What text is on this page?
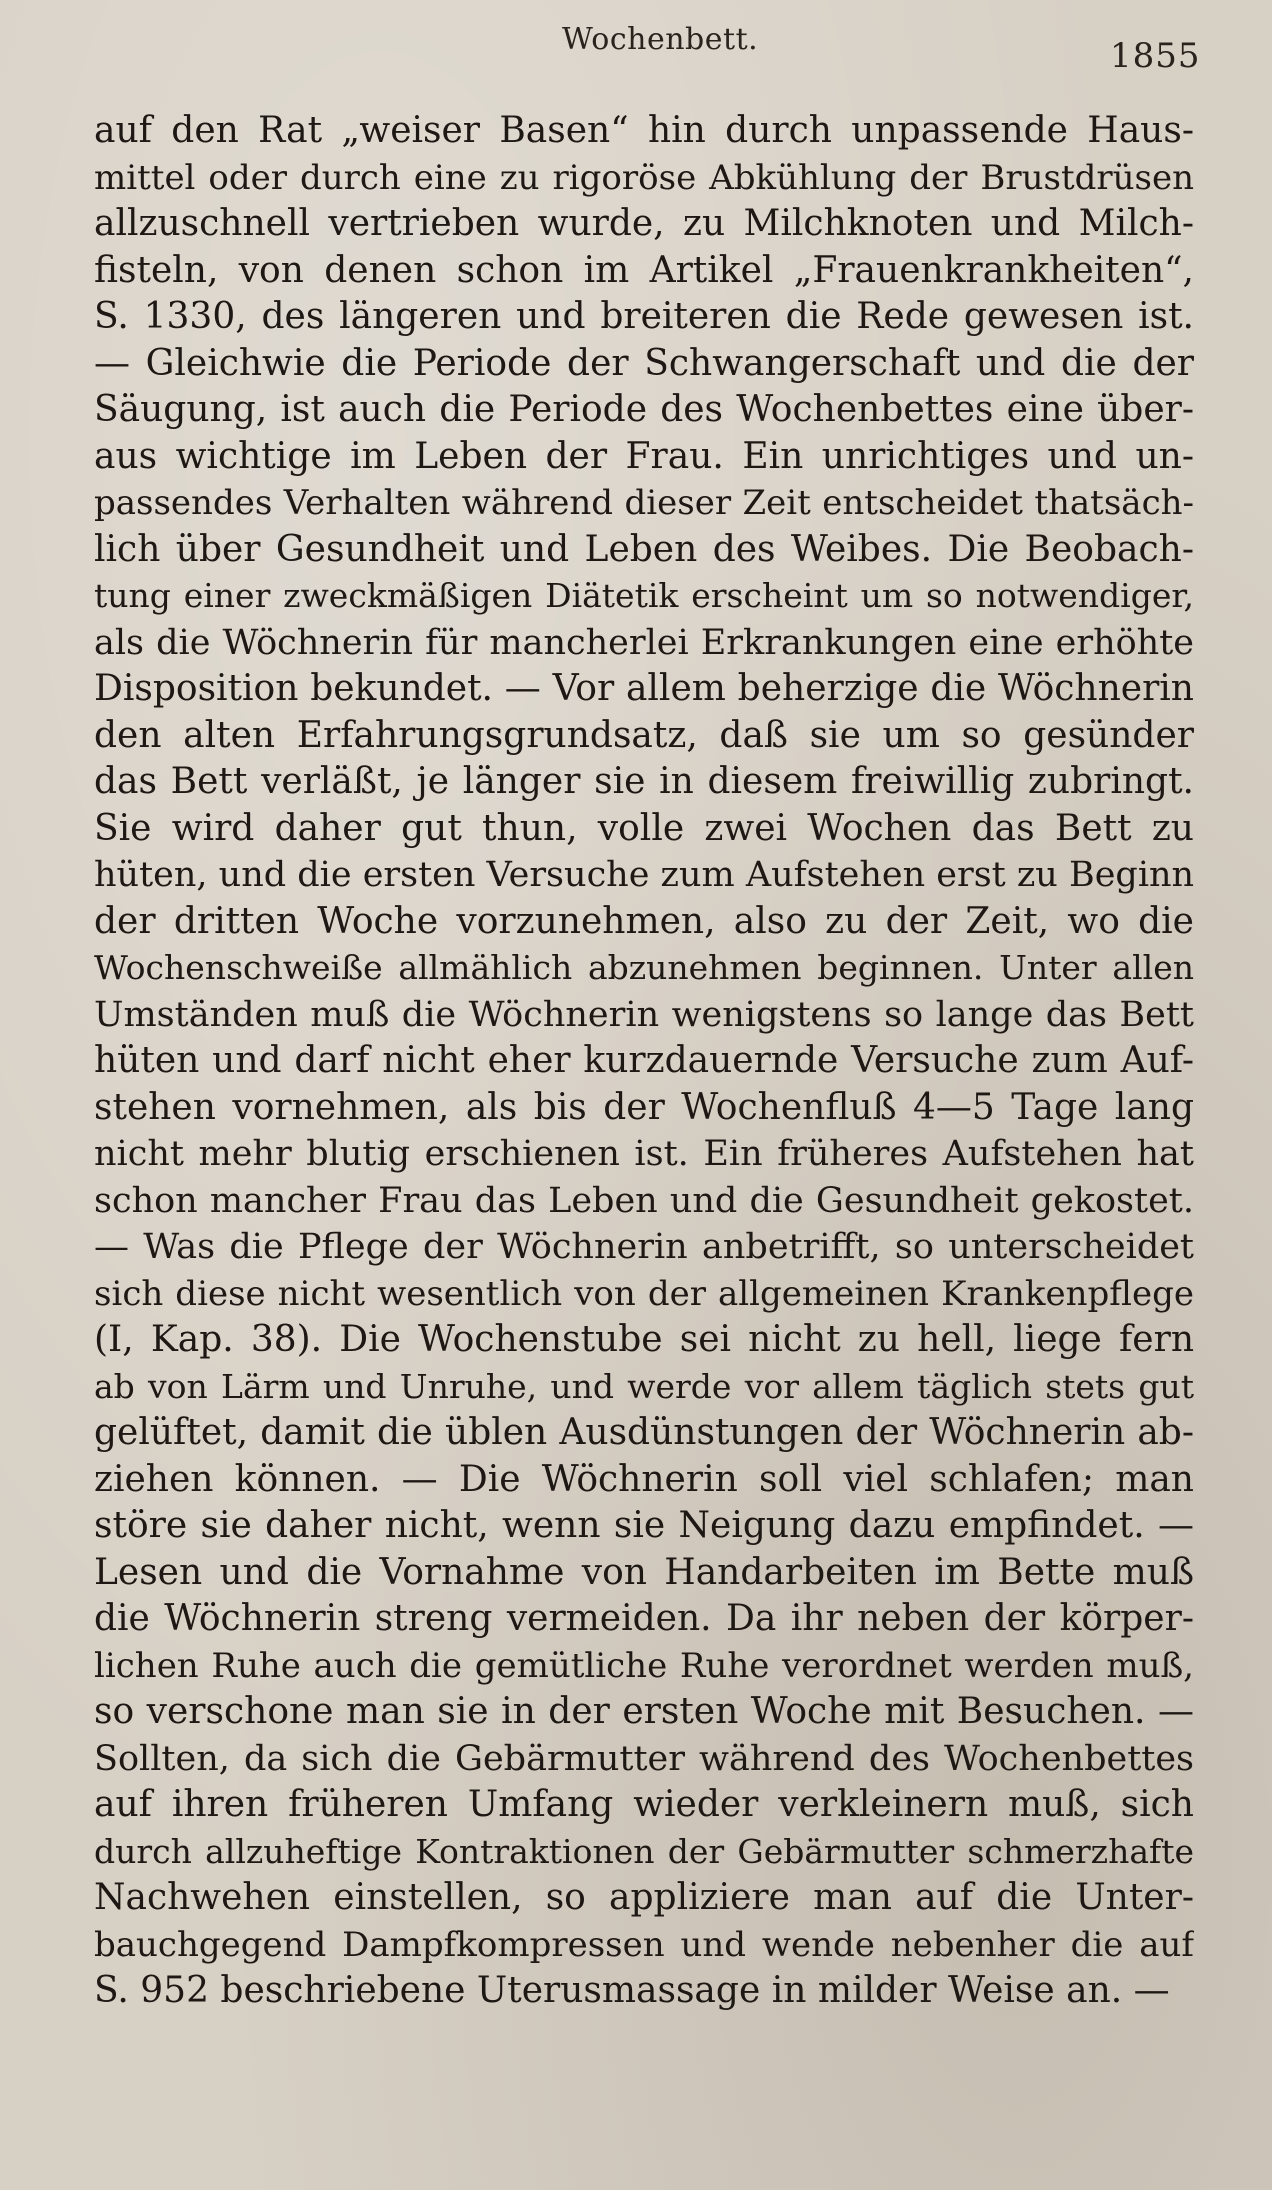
Wochenbett.	1855
auf den Rat „weiser Basen“ hin durch unpassende Haus-
mittel oder durch eine zu rigoröse Abkühlung der Brustdrüsen
allzuschnell vertrieben wurde, zu Milchknoten und Milch-
fisteln, von denen schon im Artikel „Frauenkrankheiten“,
S. 1330, des längeren und breiteren die Rede gewesen ist.
— Gleichwie die Periode der Schwangerschaft und die der
Säugung, ist auch die Periode des Wochenbettes eine über-
aus wichtige im Leben der Frau. Ein unrichtiges und un-
passendes Verhalten während dieser Zeit entscheidet thatsäch-
lich über Gesundheit und Leben des Weibes. Die Beobach-
tung einer zweckmäßigen Diätetik erscheint um so notwendiger,
als die Wöchnerin für mancherlei Erkrankungen eine erhöhte
Disposition bekundet. — Vor allem beherzige die Wöchnerin
den alten Erfahrungsgrundsatz, daß sie um so gesünder
das Bett verläßt, je länger sie in diesem freiwillig zubringt.
Sie wird daher gut thun, volle zwei Wochen das Bett zu
hüten, und die ersten Versuche zum Aufstehen erst zu Beginn
der dritten Woche vorzunehmen, also zu der Zeit, wo die
Wochenschweiße allmählich abzunehmen beginnen. Unter allen
Umständen muß die Wöchnerin wenigstens so lange das Bett
hüten und darf nicht eher kurzdauernde Versuche zum Auf-
stehen vornehmen, als bis der Wochenfluß 4—5 Tage lang
nicht mehr blutig erschienen ist. Ein früheres Aufstehen hat
schon mancher Frau das Leben und die Gesundheit gekostet.
— Was die Pflege der Wöchnerin anbetrifft, so unterscheidet
sich diese nicht wesentlich von der allgemeinen Krankenpflege
(I, Kap. 38). Die Wochenstube sei nicht zu hell, liege fern
ab von Lärm und Unruhe, und werde vor allem täglich stets gut
gelüftet, damit die üblen Ausdünstungen der Wöchnerin ab-
ziehen können. — Die Wöchnerin soll viel schlafen; man
störe sie daher nicht, wenn sie Neigung dazu empfindet. —
Lesen und die Vornahme von Handarbeiten im Bette muß
die Wöchnerin streng vermeiden. Da ihr neben der körper-
lichen Ruhe auch die gemütliche Ruhe verordnet werden muß,
so verschone man sie in der ersten Woche mit Besuchen. —
Sollten, da sich die Gebärmutter während des Wochenbettes
auf ihren früheren Umfang wieder verkleinern muß, sich
durch allzuheftige Kontraktionen der Gebärmutter schmerzhafte
Nachwehen einstellen, so appliziere man auf die Unter-
bauchgegend Dampfkompressen und wende nebenher die auf
S. 952 beschriebene Uterusmassage in milder Weise an. —
